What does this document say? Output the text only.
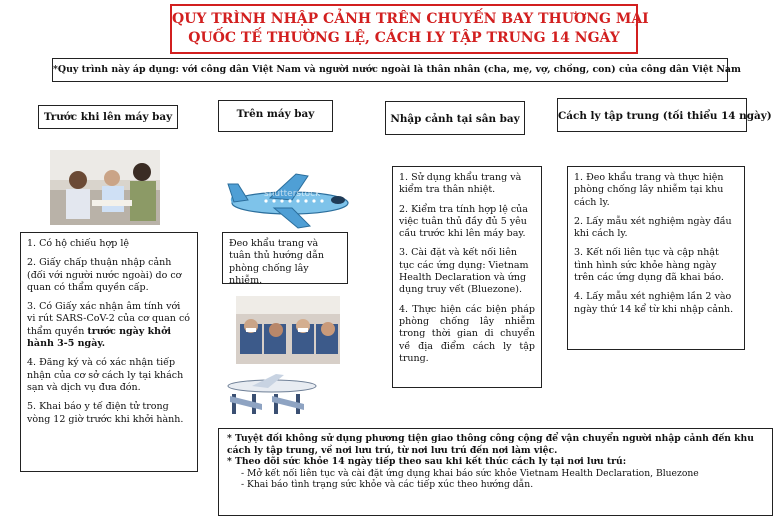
QUY TRÌNH NHẬP CẢNH TRÊN CHUYẾN BAY THƯƠNG MẠI
QUỐC TẾ THƯỜNG LỆ, CÁCH LY TẬP TRUNG 14 NGÀY
*Quy trình này áp dụng: với công dân Việt Nam và người nước ngoài là thân nhân (cha, mẹ, vợ, chồng, con) của công dân Việt Nam
Trước khi lên máy bay	Trên máy bay	Nhập cảnh tại sân bay	Cách ly tập trung (tối thiểu 14 ngày)
shutterstock

1. Có hộ chiếu hợp lệ

2. Giấy chấp thuận nhập cảnh (đối với người nước ngoài) do cơ quan có thẩm quyền cấp.

3. Có Giấy xác nhận âm tính với vi rút SARS-CoV-2 của cơ quan có thẩm quyền trước ngày khởi hành 3-5 ngày.

4. Đăng ký và có xác nhận tiếp nhận của cơ sở cách ly tại khách sạn và dịch vụ đưa đón.

5. Khai báo y tế điện tử trong vòng 12 giờ trước khi khởi hành.

Đeo khẩu trang và tuân thủ hướng dẫn phòng chống lây nhiễm.

1. Sử dụng khẩu trang và kiểm tra thân nhiệt.

2. Kiểm tra tính hợp lệ của việc tuân thủ đầy đủ 5 yêu cầu trước khi lên máy bay.

3. Cài đặt và kết nối liên tục các ứng dụng: Vietnam Health Declaration và ứng dụng truy vết (Bluezone).

4. Thực hiện các biện pháp phòng chống lây nhiễm trong thời gian di chuyển về địa điểm cách ly tập trung.

1. Đeo khẩu trang và thực hiện phòng chống lây nhiễm tại khu cách ly.

2. Lấy mẫu xét nghiệm ngày đầu khi cách ly.

3. Kết nối liên tục và cập nhật tình hình sức khỏe hàng ngày trên các ứng dụng đã khai báo.

4. Lấy mẫu xét nghiệm lần 2 vào ngày thứ 14 kể từ khi nhập cảnh.

* Tuyệt đối không sử dụng phương tiện giao thông công cộng để vận chuyển người nhập cảnh đến khu cách ly tập trung, về nơi lưu trú, từ nơi lưu trú đến nơi làm việc.
* Theo dõi sức khỏe 14 ngày tiếp theo sau khi kết thúc cách ly tại nơi lưu trú:
- Mở kết nối liên tục và cài đặt ứng dụng khai báo sức khỏe Vietnam Health Declaration, Bluezone
- Khai báo tình trạng sức khỏe và các tiếp xúc theo hướng dẫn.
